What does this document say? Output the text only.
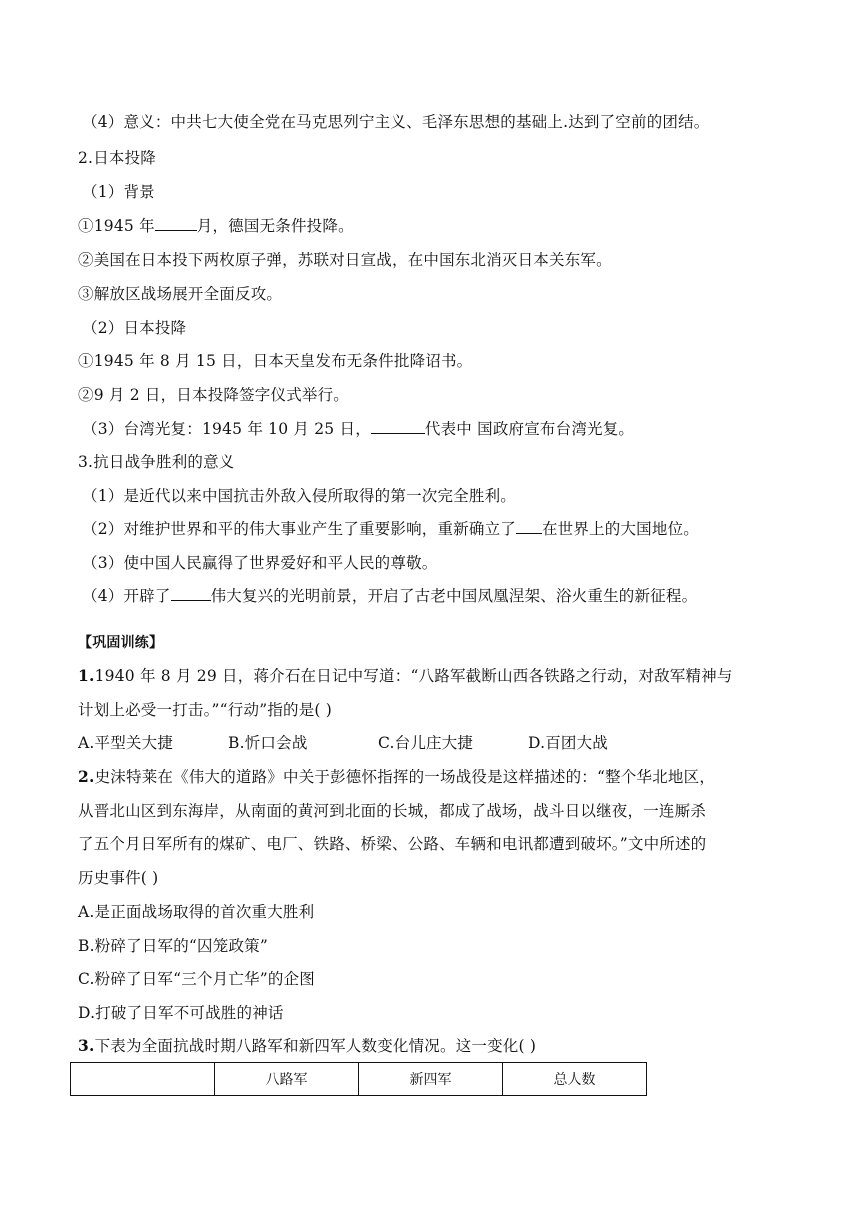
（4）意义：中共七大使全党在马克思列宁主义、毛泽东思想的基础上.达到了空前的团结。
2.日本投降
（1）背景
①1945 年	月，德国无条件投降。
②美国在日本投下两枚原子弹，苏联对日宣战，在中国东北消灭日本关东军。
③解放区战场展开全面反攻。
（2）日本投降
①1945 年 8 月 15 日，日本天皇发布无条件批降诏书。
②9 月 2 日，日本投降签字仪式举行。
（3）台湾光复：1945 年 10 月 25 日，	代表中 国政府宣布台湾光复。
3.抗日战争胜利的意义
（1）是近代以来中国抗击外敌入侵所取得的第一次完全胜利。
（2）对维护世界和平的伟大事业产生了重要影响，重新确立了 在世界上的大国地位。
（3）使中国人民赢得了世界爱好和平人民的尊敬。
（4）开辟了	伟大复兴的光明前景，开启了古老中国凤凰涅架、浴火重生的新征程。
【巩固训练】
1.1940 年 8 月 29 日，蒋介石在日记中写道：“八路军截断山西各铁路之行动，对敌军精神与
计划上必受一打击。”“行动”指的是( )
A.平型关大捷	B.忻口会战	C.台儿庄大捷	D.百团大战
2.史沫特莱在《伟大的道路》中关于彭德怀指挥的一场战役是这样描述的：“整个华北地区，
从晋北山区到东海岸，从南面的黄河到北面的长城，都成了战场，战斗日以继夜，一连厮杀
了五个月日军所有的煤矿、电厂、铁路、桥梁、公路、车辆和电讯都遭到破坏。”文中所述的
历史事件( )
A.是正面战场取得的首次重大胜利
B.粉碎了日军的“囚笼政策”
C.粉碎了日军“三个月亡华”的企图
D.打破了日军不可战胜的神话
3.下表为全面抗战时期八路军和新四军人数变化情况。这一变化( )
	八路军	新四军	总人数
